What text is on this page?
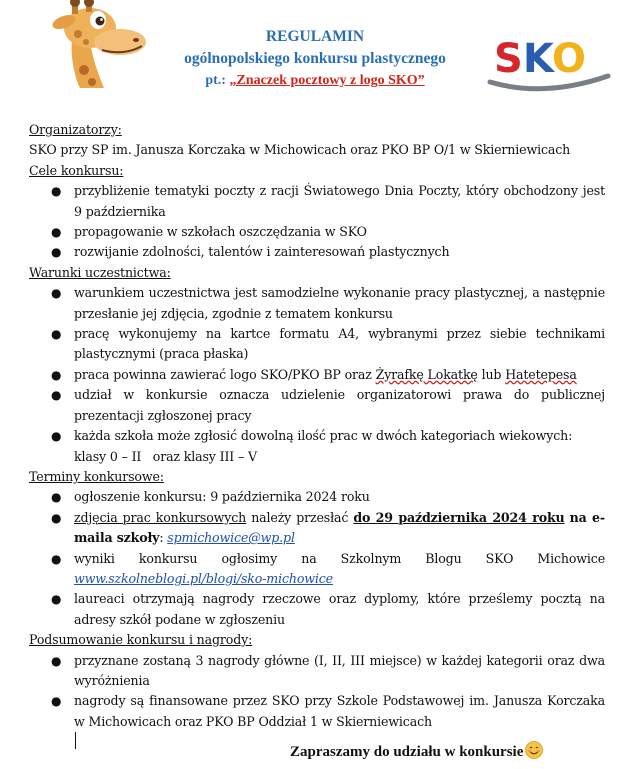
REGULAMIN
ogólnopolskiego konkursu plastycznego
pt.: „Znaczek pocztowy z logo SKO”	SKO
Organizatorzy:
SKO przy SP im. Janusza Korczaka w Michowicach oraz PKO BP O/1 w Skierniewicach
Cele konkursu:
● przybliżenie tematyki poczty z racji Światowego Dnia Poczty, który obchodzony jest 9 października
● propagowanie w szkołach oszczędzania w SKO
● rozwijanie zdolności, talentów i zainteresowań plastycznych
Warunki uczestnictwa:
● warunkiem uczestnictwa jest samodzielne wykonanie pracy plastycznej, a następnie przesłanie jej zdjęcia, zgodnie z tematem konkursu
● pracę wykonujemy na kartce formatu A4, wybranymi przez siebie technikami plastycznymi (praca płaska)
● praca powinna zawierać logo SKO/PKO BP oraz Żyrafkę Lokatkę lub Hatetepesa
● udział w konkursie oznacza udzielenie organizatorowi prawa do publicznej prezentacji zgłoszonej pracy
● każda szkoła może zgłosić dowolną ilość prac w dwóch kategoriach wiekowych:
klasy 0 – II   oraz klasy III – V
Terminy konkursowe:
● ogłoszenie konkursu: 9 października 2024 roku
● zdjęcia prac konkursowych należy przesłać do 29 października 2024 roku na e-maila szkoły: spmichowice@wp.pl
● wyniki konkursu ogłosimy na Szkolnym Blogu SKO Michowice www.szkolneblogi.pl/blogi/sko-michowice
● laureaci otrzymają nagrody rzeczowe oraz dyplomy, które prześlemy pocztą na adresy szkół podane w zgłoszeniu
Podsumowanie konkursu i nagrody:
● przyznane zostaną 3 nagrody główne (I, II, III miejsce) w każdej kategorii oraz dwa wyróżnienia
● nagrody są finansowane przez SKO przy Szkole Podstawowej im. Janusza Korczaka w Michowicach oraz PKO BP Oddział 1 w Skierniewicach
Zapraszamy do udziału w konkursie
